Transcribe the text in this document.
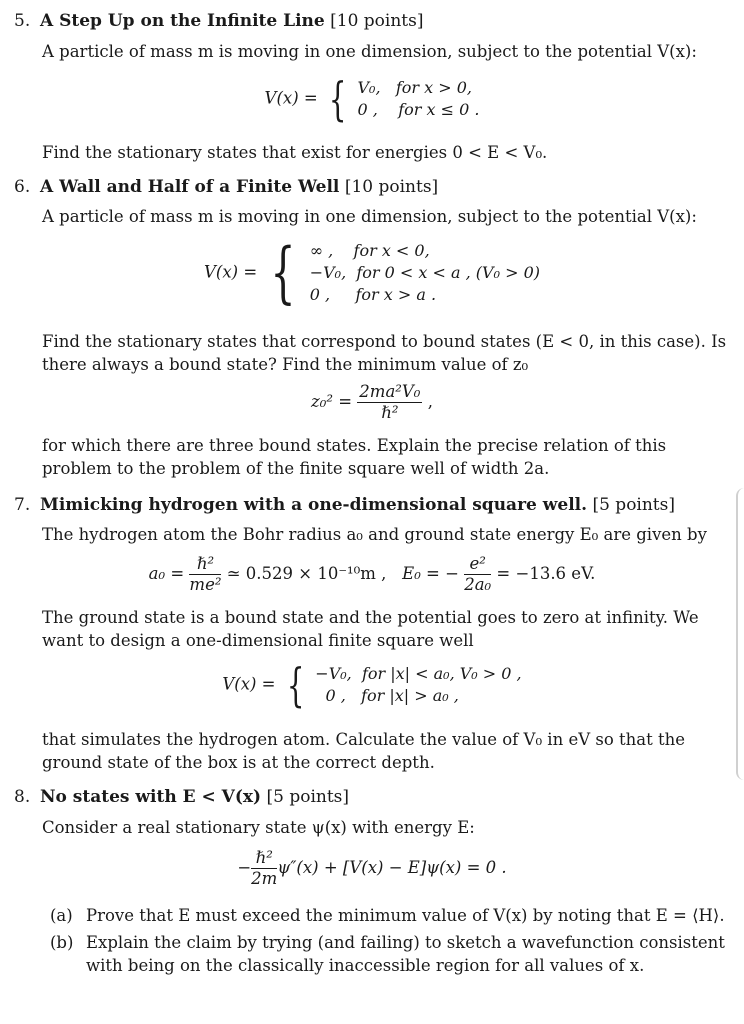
5. A Step Up on the Infinite Line [10 points]
A particle of mass m is moving in one dimension, subject to the potential V(x):
V(x) = { V₀, for x > 0,
0 , for x ≤ 0 .
Find the stationary states that exist for energies 0 < E < V₀.
6. A Wall and Half of a Finite Well [10 points]
A particle of mass m is moving in one dimension, subject to the potential V(x):
V(x) = { ∞ , for x < 0,
−V₀, for 0 < x < a , (V₀ > 0)
0 , for x > a .
Find the stationary states that correspond to bound states (E < 0, in this case). Is there always a bound state? Find the minimum value of z₀
$z_0^2 = \frac{\text{2ma²V₀}}{\text{ℏ²}}$ ,
for which there are three bound states. Explain the precise relation of this problem to the problem of the finite square well of width 2a.
7. Mimicking hydrogen with a one-dimensional square well. [5 points]
The hydrogen atom the Bohr radius a₀ and ground state energy E₀ are given by
$a_0 = \frac{\text{ℏ²}}{\text{me²}}$ ≃ 0.529 × 10⁻¹⁰m , E₀ = − $\frac{\text{e²}}{\text{2a₀}} = -13.6$ eV.
The ground state is a bound state and the potential goes to zero at infinity. We want to design a one-dimensional finite square well
V(x) = { −V₀, for |x| < a₀, V₀ > 0 ,
0 , for |x| > a₀ ,
that simulates the hydrogen atom. Calculate the value of V₀ in eV so that the ground state of the box is at the correct depth.
8. No states with E < V(x) [5 points]
Consider a real stationary state ψ(x) with energy E:
− $\frac{\text{ℏ²}}{2m} \psi''(x) + [V(x) - E]\psi(x) = 0$ .
(a) Prove that E must exceed the minimum value of V(x) by noting that E = ⟨H⟩.
(b) Explain the claim by trying (and failing) to sketch a wavefunction consistent with being on the classically inaccessible region for all values of x.
